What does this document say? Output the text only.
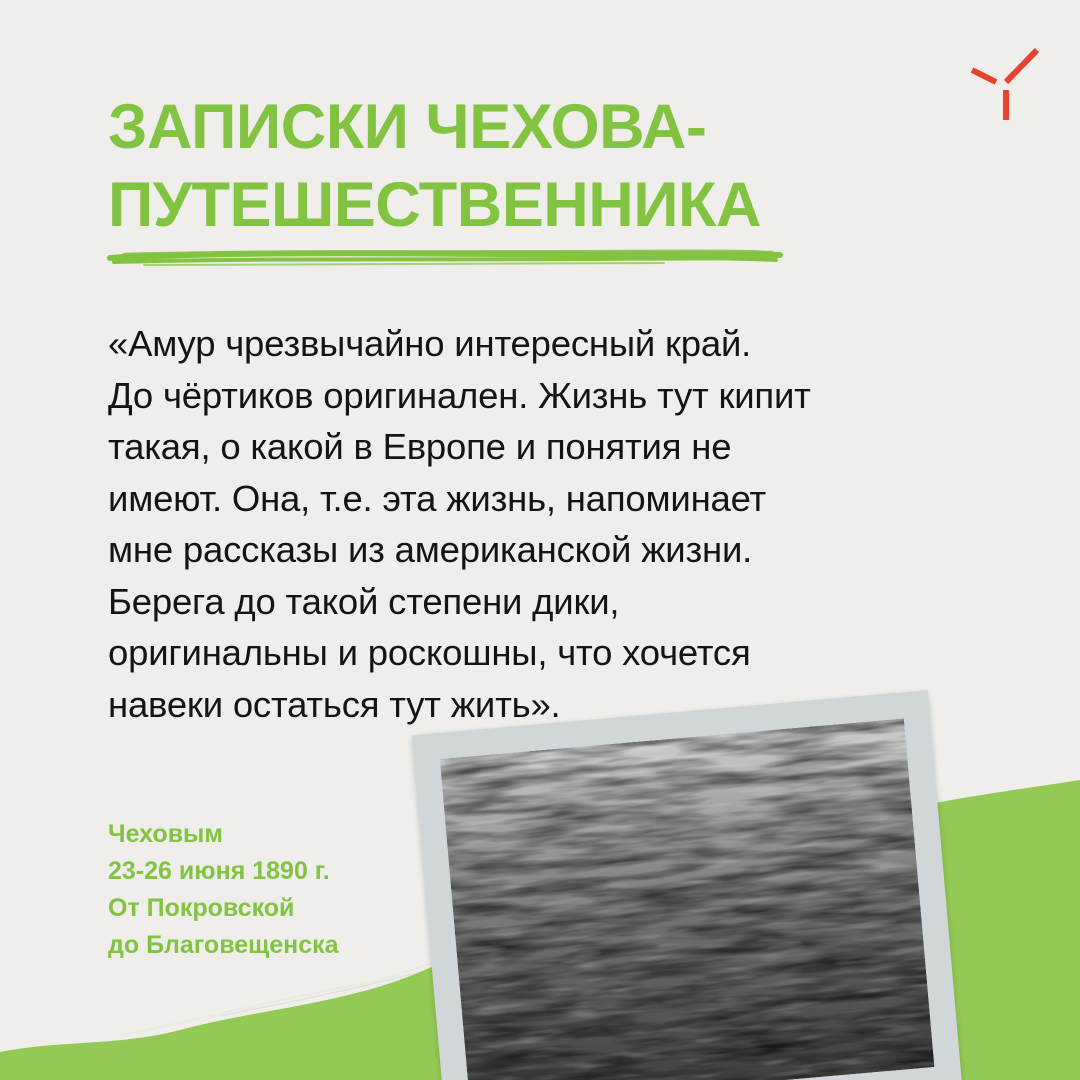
ЗАПИСКИ ЧЕХОВА-
ПУТЕШЕСТВЕННИКА

«Амур чрезвычайно интересный край.
До чёртиков оригинален. Жизнь тут кипит
такая, о какой в Европе и понятия не
имеют. Она, т.е. эта жизнь, напоминает
мне рассказы из американской жизни.
Берега до такой степени дики,
оригинальны и роскошны, что хочется
навеки остаться тут жить».

Чеховым
23-26 июня 1890 г.
От Покровской
до Благовещенска
